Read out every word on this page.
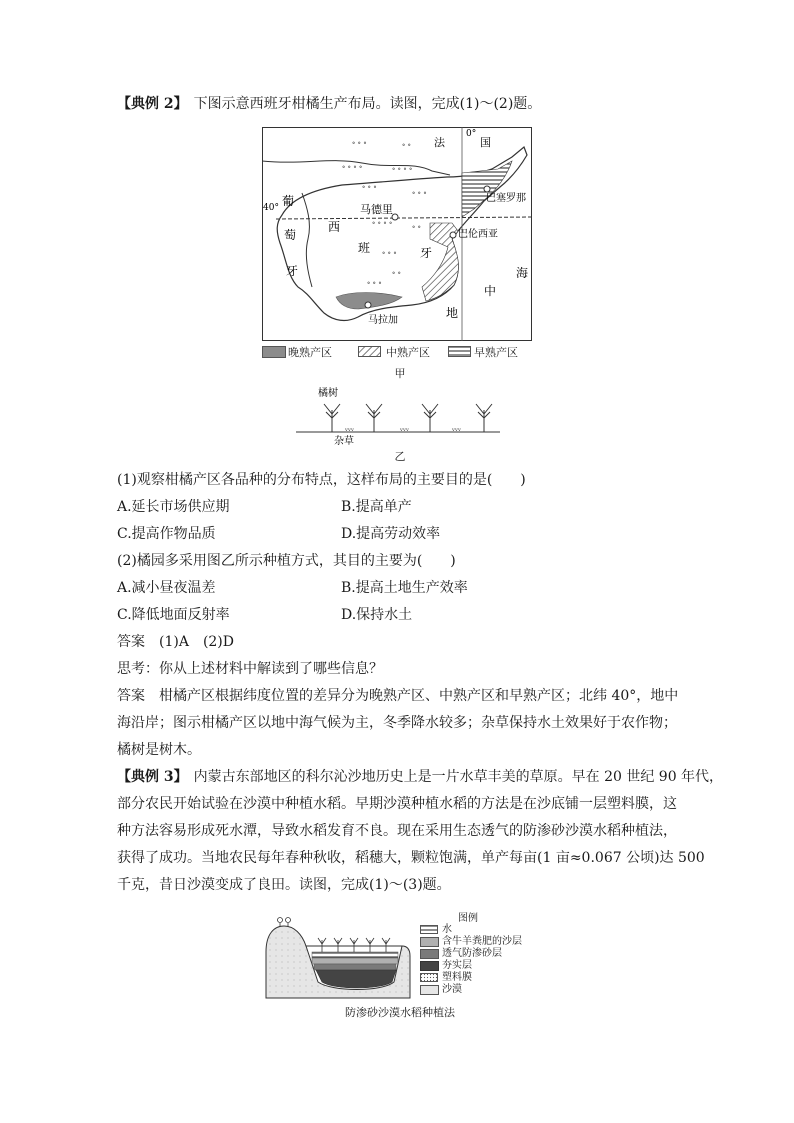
【典例 2】 下图示意西班牙柑橘生产布局。读图，完成(1)～(2)题。
0°
40°
ᐤ ᐤ ᐤ	ᐤ ᐤ
ᐤ ᐤ ᐤ ᐤ	ᐤ ᐤ ᐤ ᐤ
ᐤ ᐤ ᐤ
ᐤ ᐤ ᐤ
ᐤ ᐤ ᐤ ᐤ ᐤ ᐤ
ᐤ ᐤ ᐤ
ᐤ ᐤ
ᐤ ᐤ ᐤ
法	国
葡
萄
牙
西
班	牙
马德里
巴塞罗那
巴伦西亚
马拉加
海
中
地
晚熟产区	中熟产区	早熟产区
甲
橘树
ᵥᵥᵥ	ᵥᵥᵥ	ᵥᵥᵥ
杂草
乙
(1)观察柑橘产区各品种的分布特点，这样布局的主要目的是(　　)
A.延长市场供应期	B.提高单产
C.提高作物品质	D.提高劳动效率
(2)橘园多采用图乙所示种植方式，其目的主要为(　　)
A.减小昼夜温差	B.提高土地生产效率
C.降低地面反射率	D.保持水土
答案　(1)A　(2)D
思考：你从上述材料中解读到了哪些信息？
答案　柑橘产区根据纬度位置的差异分为晚熟产区、中熟产区和早熟产区；北纬 40°，地中
海沿岸；图示柑橘产区以地中海气候为主，冬季降水较多；杂草保持水土效果好于农作物；
橘树是树木。
【典例 3】 内蒙古东部地区的科尔沁沙地历史上是一片水草丰美的草原。早在 20 世纪 90 年代，
部分农民开始试验在沙漠中种植水稻。早期沙漠种植水稻的方法是在沙底铺一层塑料膜，这
种方法容易形成死水潭，导致水稻发育不良。现在采用生态透气的防渗砂沙漠水稻种植法，
获得了成功。当地农民每年春种秋收，稻穗大，颗粒饱满，单产每亩(1 亩≈0.067 公顷)达 500
千克，昔日沙漠变成了良田。读图，完成(1)～(3)题。
图例
水
含牛羊粪肥的沙层
透气防渗砂层
夯实层
塑料膜
沙漠
防渗砂沙漠水稻种植法
